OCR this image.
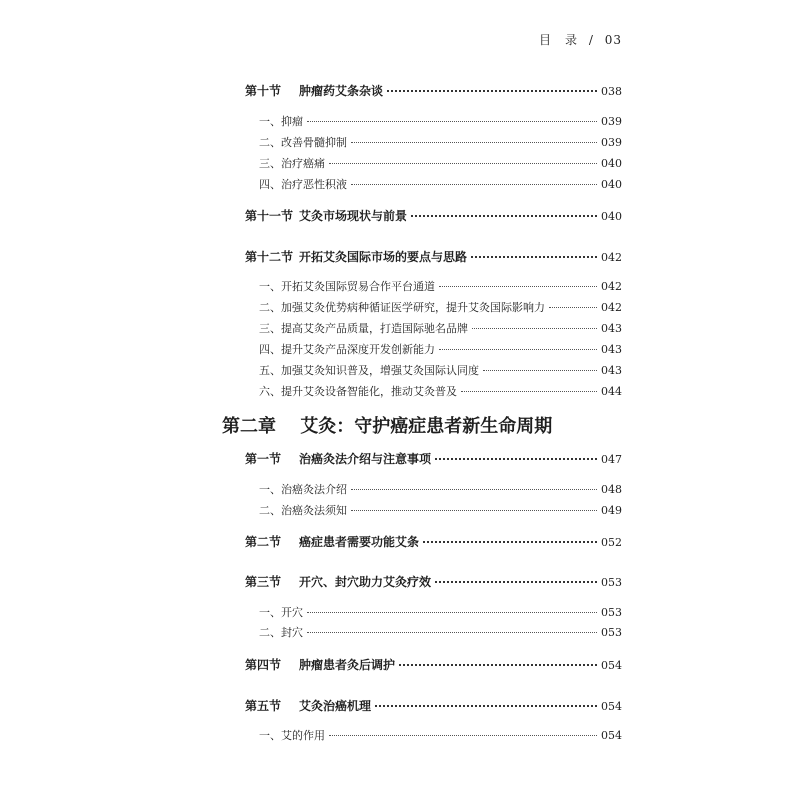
目　录 / 03
第十节	肿瘤药艾条杂谈	038
一、抑瘤	039
二、改善骨髓抑制	039
三、治疗癌痛	040
四、治疗恶性积液	040
第十一节 艾灸市场现状与前景	040
第十二节 开拓艾灸国际市场的要点与思路	042
一、开拓艾灸国际贸易合作平台通道	042
二、加强艾灸优势病种循证医学研究，提升艾灸国际影响力	042
三、提高艾灸产品质量，打造国际驰名品牌	043
四、提升艾灸产品深度开发创新能力	043
五、加强艾灸知识普及，增强艾灸国际认同度	043
六、提升艾灸设备智能化，推动艾灸普及	044
第二章 艾灸：守护癌症患者新生命周期
第一节	治癌灸法介绍与注意事项	047
一、治癌灸法介绍	048
二、治癌灸法须知	049
第二节	癌症患者需要功能艾条	052
第三节	开穴、封穴助力艾灸疗效	053
一、开穴	053
二、封穴	053
第四节	肿瘤患者灸后调护	054
第五节	艾灸治癌机理	054
一、艾的作用	054
